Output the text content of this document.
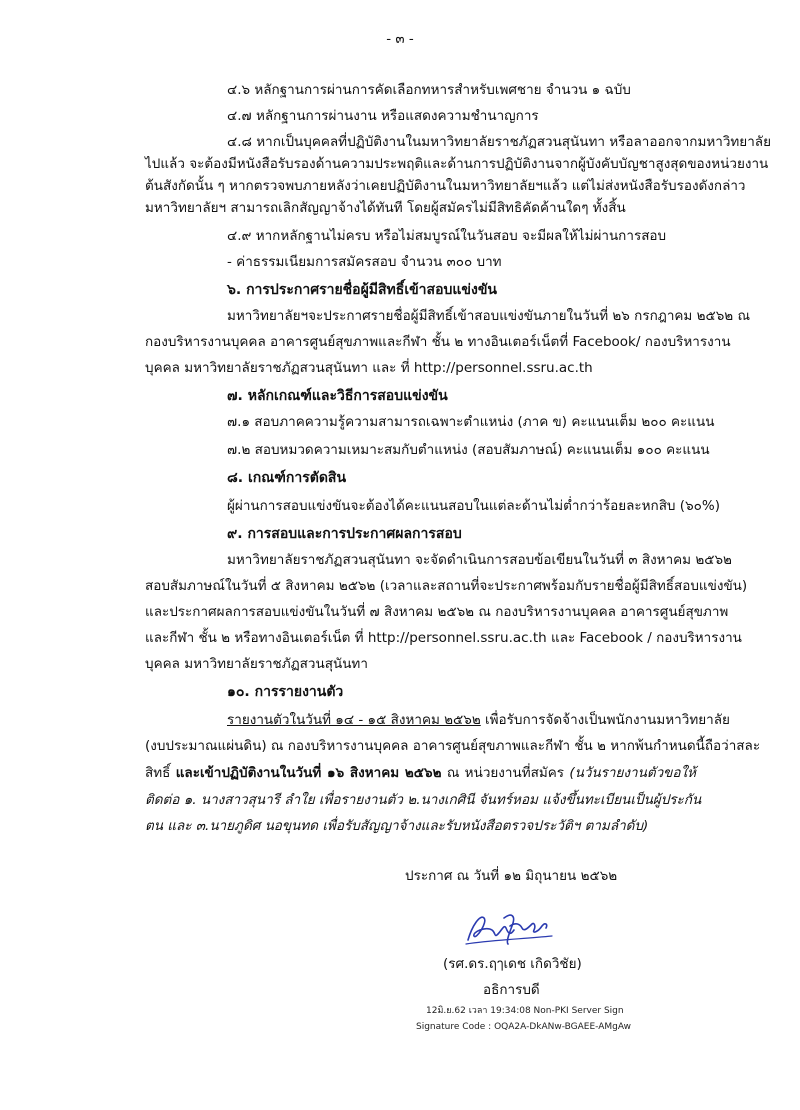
- ๓ -
๔.๖ หลักฐานการผ่านการคัดเลือกทหารสำหรับเพศชาย จำนวน ๑ ฉบับ
๔.๗ หลักฐานการผ่านงาน หรือแสดงความชำนาญการ
๔.๘ หากเป็นบุคคลที่ปฏิบัติงานในมหาวิทยาลัยราชภัฏสวนสุนันทา หรือลาออกจากมหาวิทยาลัย
ไปแล้ว จะต้องมีหนังสือรับรองด้านความประพฤติและด้านการปฏิบัติงานจากผู้บังคับบัญชาสูงสุดของหน่วยงาน
ต้นสังกัดนั้น ๆ หากตรวจพบภายหลังว่าเคยปฏิบัติงานในมหาวิทยาลัยฯแล้ว แต่ไม่ส่งหนังสือรับรองดังกล่าว
มหาวิทยาลัยฯ สามารถเลิกสัญญาจ้างได้ทันที โดยผู้สมัครไม่มีสิทธิคัดค้านใดๆ ทั้งสิ้น
๔.๙ หากหลักฐานไม่ครบ หรือไม่สมบูรณ์ในวันสอบ จะมีผลให้ไม่ผ่านการสอบ
- ค่าธรรมเนียมการสมัครสอบ จำนวน ๓๐๐ บาท
๖. การประกาศรายชื่อผู้มีสิทธิ์เข้าสอบแข่งขัน
มหาวิทยาลัยฯจะประกาศรายชื่อผู้มีสิทธิ์เข้าสอบแข่งขันภายในวันที่ ๒๖ กรกฎาคม ๒๕๖๒ ณ
กองบริหารงานบุคคล อาคารศูนย์สุขภาพและกีฬา ชั้น ๒ ทางอินเตอร์เน็ตที่ Facebook/ กองบริหารงาน
บุคคล มหาวิทยาลัยราชภัฏสวนสุนันทา และ ที่ http://personnel.ssru.ac.th
๗. หลักเกณฑ์และวิธีการสอบแข่งขัน
๗.๑ สอบภาคความรู้ความสามารถเฉพาะตำแหน่ง (ภาค ข) คะแนนเต็ม ๒๐๐ คะแนน
๗.๒ สอบหมวดความเหมาะสมกับตำแหน่ง (สอบสัมภาษณ์) คะแนนเต็ม ๑๐๐ คะแนน
๘. เกณฑ์การตัดสิน
ผู้ผ่านการสอบแข่งขันจะต้องได้คะแนนสอบในแต่ละด้านไม่ต่ำกว่าร้อยละหกสิบ (๖๐%)
๙. การสอบและการประกาศผลการสอบ
มหาวิทยาลัยราชภัฏสวนสุนันทา จะจัดดำเนินการสอบข้อเขียนในวันที่ ๓ สิงหาคม ๒๕๖๒
สอบสัมภาษณ์ในวันที่ ๕ สิงหาคม ๒๕๖๒ (เวลาและสถานที่จะประกาศพร้อมกับรายชื่อผู้มีสิทธิ์สอบแข่งขัน)
และประกาศผลการสอบแข่งขันในวันที่ ๗ สิงหาคม ๒๕๖๒ ณ กองบริหารงานบุคคล อาคารศูนย์สุขภาพ
และกีฬา ชั้น ๒ หรือทางอินเตอร์เน็ต ที่ http://personnel.ssru.ac.th และ Facebook / กองบริหารงาน
บุคคล มหาวิทยาลัยราชภัฏสวนสุนันทา
๑๐. การรายงานตัว
รายงานตัวในวันที่ ๑๔ - ๑๕ สิงหาคม ๒๕๖๒ เพื่อรับการจัดจ้างเป็นพนักงานมหาวิทยาลัย
(งบประมาณแผ่นดิน) ณ กองบริหารงานบุคคล อาคารศูนย์สุขภาพและกีฬา ชั้น ๒ หากพ้นกำหนดนี้ถือว่าสละ
สิทธิ์ และเข้าปฏิบัติงานในวันที่ ๑๖ สิงหาคม ๒๕๖๒ ณ หน่วยงานที่สมัคร (นวันรายงานตัวขอให้
ติดต่อ ๑. นางสาวสุนารี ลำใย เพื่อรายงานตัว ๒.นางเกศินี จันทร์หอม แจ้งขึ้นทะเบียนเป็นผู้ประกัน
ตน และ ๓.นายภูดิศ นอขุนทด เพื่อรับสัญญาจ้างและรับหนังสือตรวจประวัติฯ ตามลำดับ)
ประกาศ ณ วันที่ ๑๒ มิถุนายน ๒๕๖๒
(รศ.ดร.ฤๅเดช เกิดวิชัย)
อธิการบดี
12มิ.ย.62 เวลา 19:34:08 Non-PKI Server Sign
Signature Code : OQA2A-DkANw-BGAEE-AMgAw
